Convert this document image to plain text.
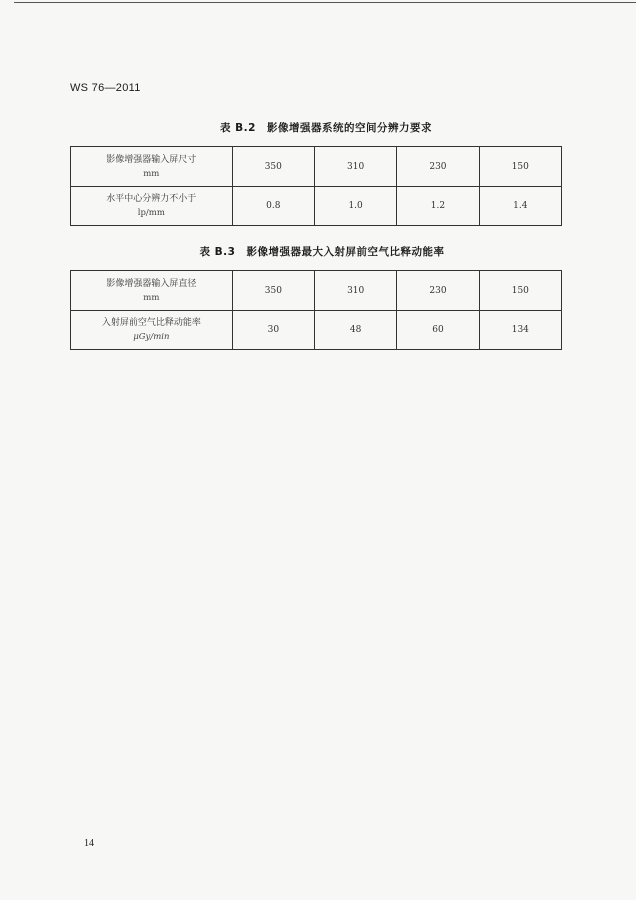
WS 76—2011
表 B.2　影像增强器系统的空间分辨力要求
影像增强器输入屏尺寸
mm	350	310	230	150

水平中心分辨力不小于
lp/mm	0.8	1.0	1.2	1.4
表 B.3　影像增强器最大入射屏前空气比释动能率
影像增强器输入屏直径
mm	350	310	230	150

入射屏前空气比释动能率
μGy/min	30	48	60	134
14
